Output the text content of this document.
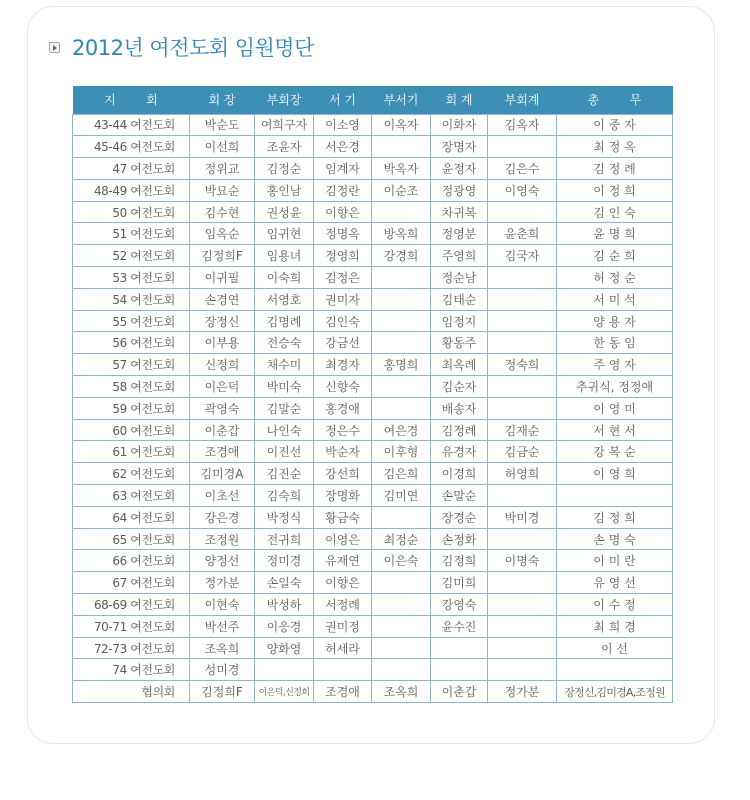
2012년 여전도회 임원명단
지        회	회 장	부회장	서 기	부서기	회 계	부회계	총        무
43-44 여전도회	박순도	여희구자	이소영	이옥자	이화자	김옥자	이 중 자
45-46 여전도회	이선희	조윤자	서은경		장명자		최 정 옥
47 여전도회	정위교	김정순	임계자	박옥자	윤정자	김은수	김 정 례
48-49 여전도회	박묘순	홍인남	김정란	이순조	정광영	이영숙	이 정 희
50 여전도회	김수현	권성윤	이향은		차귀복		김 인 숙
51 여전도회	임옥순	임귀현	정명옥	방옥희	정영분	윤춘희	윤 명 희
52 여전도회	김정희F	임용녀	정영희	강경희	주영희	김국자	김 순 희
53 여전도회	이귀필	이숙희	김정은		정순남		허 정 순
54 여전도회	손경연	서영호	권미자		김태순		서 미 석
55 여전도회	장정신	김명례	김인숙		임정지		양 용 자
56 여전도회	이부용	전승숙	강금선		황동주		한 동 임
57 여전도회	신정희	채수미	최경자	홍명희	최옥례	정숙희	주 영 자
58 여전도회	이은덕	박미숙	신향숙		김순자		추귀식, 정정애
59 여전도회	곽영숙	김말순	홍경애		배송자		이 영 미
60 여전도회	이춘갑	나인숙	정은수	여은경	김정례	김재순	서 현 서
61 여전도회	조경애	이진선	박순자	이후형	유경자	김금순	강 복 순
62 여전도회	김미경A	김진순	강선희	김은희	이경희	허영희	이 영 희
63 여전도회	이초선	김숙희	장명화	김미연	손말순		
64 여전도회	강은경	박정식	황금숙		장경순	박미경	김 정 희
65 여전도회	조정원	전귀희	이영은	최정순	손정화		손 명 숙
66 여전도회	양정선	정미경	유재연	이은숙	김정희	이명숙	이 미 란
67 여전도회	정가분	손일숙	이향은		김미희		유 영 선
68-69 여전도회	이현숙	박성하	서정례		강영숙		이 수 정
70-71 여전도회	박선주	이응경	권미정		윤수진		최 희 경
72-73 여전도회	조옥희	양화영	허세라				이 선
74 여전도회	성미경						
협의회	김정희F	이은덕,신정희	조경애	조옥희	이춘갑	정가분	장정신,김미경A,조정원
